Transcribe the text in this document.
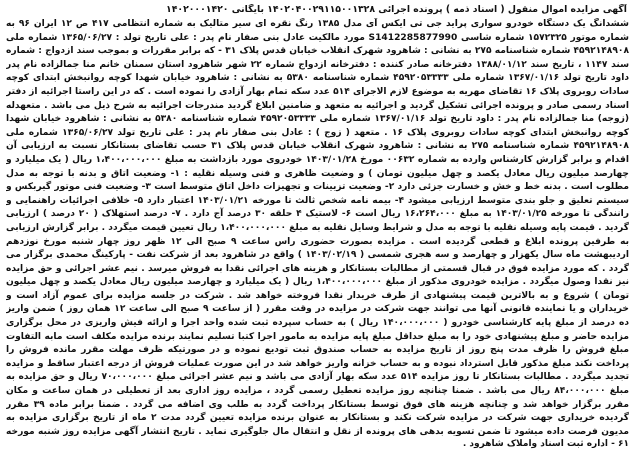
آگهی مزایده اموال منقول ( اسناد ذمه ) پرونده اجرائی ۱۴۰۲۰۴۰۰۲۹۱۱۵۰۰۱۳۲۸ بایگانی ۱۴۰۲۰۰۰۱۴۲۰

ششدانگ یک دستگاه خودرو سواری پراید جی تی ایکس آی مدل ۱۳۸۵ رنگ نقره ای سیر متالیک به شماره انتظامی ۴۱۷ ص ۱۲ ایران ۹۶ به شماره موتور ۱۵۷۲۳۲۵ شماره شاسی S1412285877990 مورد مالکیت عادل بنی صفار نام پدر : علی تاریخ تولد : ۱۳۶۵/۰۶/۲۷ شماره ملی ۴۵۹۲۱۴۸۹۰۸ شماره شناسنامه ۲۷۵ به نشانی : شاهرود شهرک انقلاب خیابان قدس پلاک ۳۱ - که برابر مقررات و بموجب سند ازدواج : شماره سند ۱۱۴۷ ، تاریخ سند ۱۳۸۸/۰۱/۱۲ دفترخانه صادر کننده : دفترخانه ازدواج شماره ۲۲ شهر شاهرود استان سمنان خانم منا جمالزاده نام پدر داود تاریخ تولد ۱۳۶۷/۰۱/۱۶ شماره ملی ۴۵۹۲۰۵۳۳۳۳ شماره شناسنامه ۵۳۸۰ به نشانی : شاهرود خیابان شهدا کوچه روانبخش ابتدای کوچه سادات روبروی پلاک ۱۶ تقاضای مهریه به موضوع لازم الاجرای ۵۱۴ عدد سکه تمام بهار آزادی را نموده است . که در این راستا اجرائیه از دفتر اسناد رسمی صادر و پرونده اجرائی تشکیل گردید و اجرائیه به متعهد و ضامنین ابلاغ گردید مندرجات اجرائیه به شرح ذیل می باشد . متعهدله (زوجه) منا جمالزاده نام پدر : داود تاریخ تولد ۱۳۶۷/۰۱/۱۶ شماره ملی ۴۵۹۲۰۵۳۳۳۳ شماره شناسنامه ۵۳۸۰ به نشانی : شاهرود خیابان شهدا کوچه روانبخش ابتدای کوچه سادات روبروی پلاک ۱۶ . متعهد ( زوج ) : عادل بنی صفار نام پدر : علی تاریخ تولد ۱۳۶۵/۰۶/۲۷ شماره ملی ۴۵۹۲۱۴۸۹۰۸ شماره شناسنامه ۲۷۵ به نشانی : شاهرود شهرک انقلاب خیابان قدس پلاک ۳۱ حسب تقاضای بستانکار نسبت به ارزیابی آن اقدام و برابر گزارش کارشناس وارده به شماره ۰۰۶۳۲ مورخ ۱۴۰۳/۰۱/۲۸ خودروی مورد بازداشت به مبلغ ۱،۴۰۰،۰۰۰،۰۰۰ ریال ( یک میلیارد و چهارصد میلیون ریال معادل یکصد و چهل میلیون تومان ) و وضعیت ظاهری و فنی وسیله نقلیه : ۱- وضعیت اتاق و بدنه با توجه به مدل مطلوب است . بدنه خط و خش و خسارت جزئی دارد ۲- وضعیت تزیینات و تجهیزات داخل اتاق متوسط است ۳- وضعیت فنی موتور گیربکس و سیستم تعلیق و جلو بندی متوسط ارزیابی میشود ۴- بیمه نامه شخص ثالث تا مورخه ۱۴۰۳/۰۱/۲۱ اعتبار دارد ۵- خلافی اجرائیات راهنمایی و رانندگی تا مورخه ۱۴۰۳/۰۱/۲۵ به مبلغ ۱۶،۲۶۴،۰۰۰ ریال است ۶- لاستیک ۴ حلقه ۳۰ درصد آج دارد . ۷- درصد استهلاک ( ۲۰ درصد ) ارزیابی گردید . قیمت پایه وسیله نقلیه با توجه به مدل و شرایط وسایل نقلیه به مبلغ ۱،۴۰۰،۰۰۰،۰۰۰ ریال تعیین قیمت میگردد . برابر گزارش ارزیابی به طرفین پرونده ابلاغ و قطعی گردیده است . مزایده بصورت حضوری راس ساعت ۹ صبح الی ۱۲ ظهر روز چهار شنبه مورخ نوزدهم اردیبهشت ماه سال یکهزار و چهارصد و سه هجری شمسی ( ۱۴۰۳/۰۲/۱۹ ) واقع در شاهرود بعد از شرکت نفت - پارکینگ محمدی برگزار می گردد . که مورد مزایده فوق در قبال قسمتی از مطالبات بستانکار و هزینه های اجرائی نقدا به فروش میرسد . نیم عشر اجرائی و حق مزایده نیز نقدا وصول میگردد . مزایده خودروی مذکور از مبلغ ۱،۴۰۰،۰۰۰،۰۰۰ ریال ( یک میلیارد و چهارصد میلیون ریال معادل یکصد و چهل میلیون تومان ) شروع و به بالاترین قیمت پیشنهادی از طرف خریدار نقدا فروخته خواهد شد . شرکت در جلسه مزایده برای عموم آزاد است و خریداران و یا نماینده قانونی آنها می توانند جهت شرکت در مزایده در وقت مقرر ( از ساعت ۹ صبح الی ساعت ۱۲ همان روز ) ضمن واریز ده درصد از مبلغ پایه کارشناسی خودرو ( ۱۴۰،۰۰۰،۰۰۰ ریال ) به حساب سپرده ثبت شده واحد اجرا و ارائه فیش واریزی در محل برگزاری مزایده حاضر و مبلغ پیشنهادی خود را به مبلغ حداقل مبلغ پایه مزایده به مامور اجرا کتبا تسلیم نمایند برنده مزایده مکلف است مابه التفاوت مبلغ فروش را ظرف مدت پنج روز از تاریخ مزایده به حساب صندوق ثبت تودیع نموده و در صورتیکه ظرف مهلت مقرر مانده فروش را پرداخت نکند مبلغ مذکور قابل استرداد نبوده و به حساب خزانه واریز خواهد شد در این صورت عملیات فروش از درجه اعتبار ساقط و مزایده تجدید میگردد . مطالبات بستانکار تا روز مزایده ۵۱۴ عدد سکه بهار آزادی می باشد و نیم عشر اجرائی مبلغ ۷۰،۰۰۰،۰۰۰ ریال و حق مزایده به مبلغ ۸۴،۰۰۰،۰۰۰ ریال می باشد . ضمنا چنانچه روز مزایده تعطیل رسمی گردد ، مزایده روز اداری بعد از تعطیلی در همان ساعت و مکان مقرر برگزار خواهد شد و چنانچه هزینه های فوق توسط بستانکار پرداخت گردد به طلب وی اضافه می گردد . ضمنا برابر ماده ۳۹ مقرر گردیده خریداری جهت شرکت در مزایده شرکت نکند و بستانکار به عنوان برنده مزایده تعیین گردد مدت ۲ ماه از تاریخ برگزاری مزایده به مدیون فرصت داده میشود تا ضمن تسویه بدهی های پرونده از نقل و انتقال مال جلوگیری نماید . تاریخ انتشار آگهی مزایده روز شنبه مورخه

۶۱ - اداره ثبت اسناد واملاک شاهرود .
